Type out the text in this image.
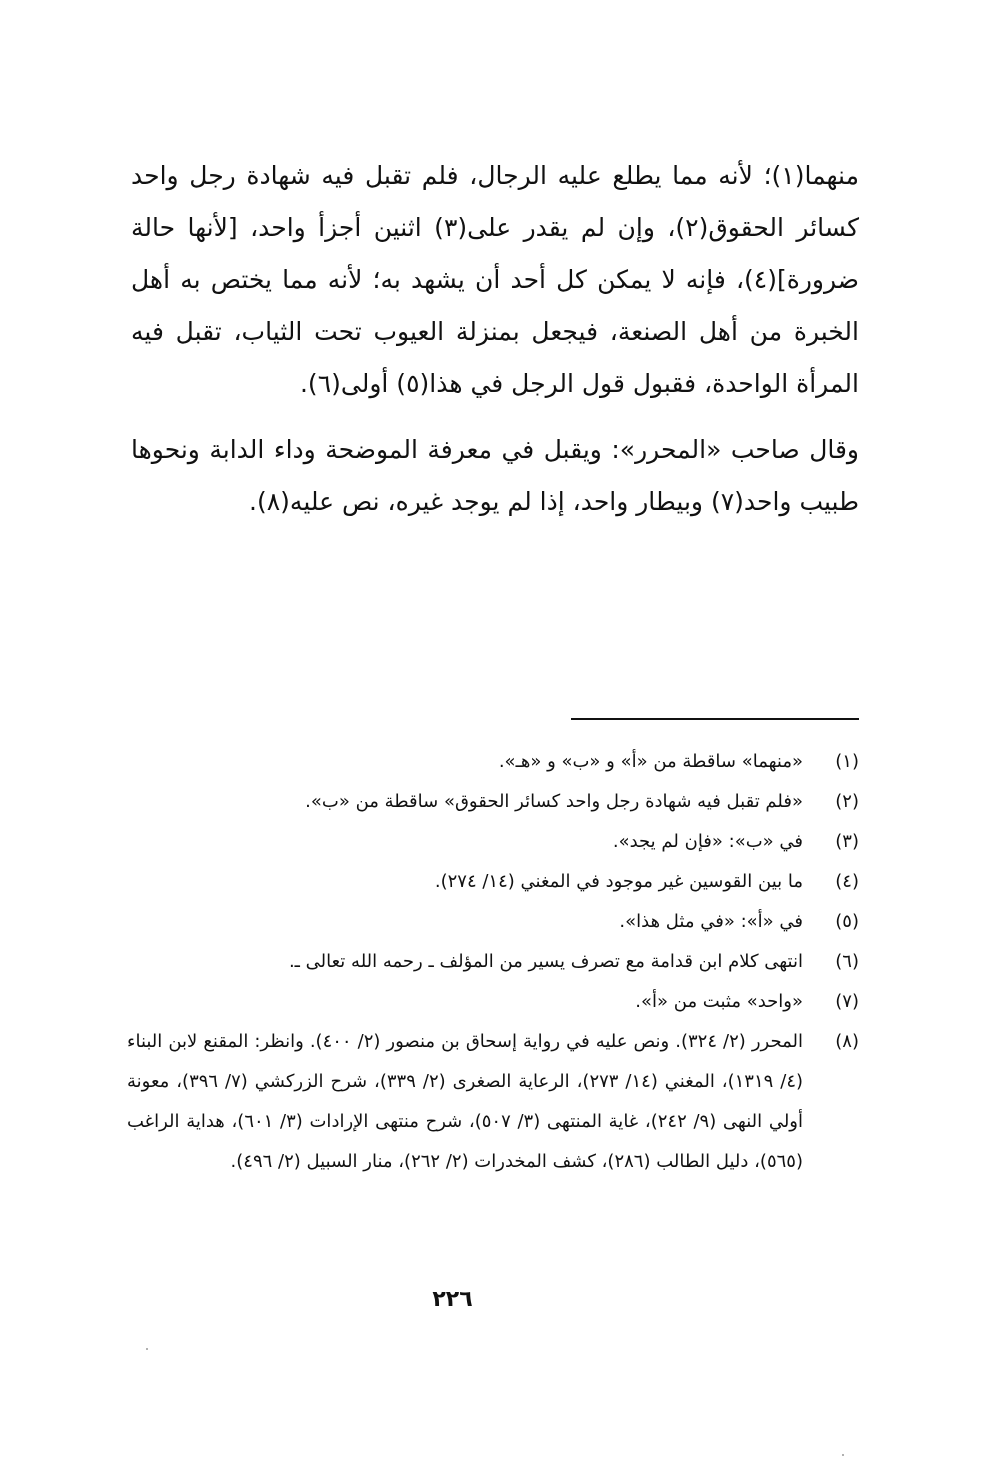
منهما(١)؛ لأنه مما يطلع عليه الرجال، فلم تقبل فيه شهادة رجل واحد كسائر الحقوق(٢)، وإن لم يقدر على(٣) اثنين أجزأ واحد، [لأنها حالة ضرورة](٤)، فإنه لا يمكن كل أحد أن يشهد به؛ لأنه مما يختص به أهل الخبرة من أهل الصنعة، فيجعل بمنزلة العيوب تحت الثياب، تقبل فيه المرأة الواحدة، فقبول قول الرجل في هذا(٥) أولى(٦).

وقال صاحب «المحرر»: ويقبل في معرفة الموضحة وداء الدابة ونحوها طبيب واحد(٧) وبيطار واحد، إذا لم يوجد غيره، نص عليه(٨).

(١)
«منهما» ساقطة من «أ» و «ب» و «هـ».
(٢)
«فلم تقبل فيه شهادة رجل واحد كسائر الحقوق» ساقطة من «ب».
(٣)
في «ب»: «فإن لم يجد».
(٤)
ما بين القوسين غير موجود في المغني (١٤/ ٢٧٤).
(٥)
في «أ»: «في مثل هذا».
(٦)
انتهى كلام ابن قدامة مع تصرف يسير من المؤلف ـ رحمه الله تعالى ـ.
(٧)
«واحد» مثبت من «أ».
(٨)
المحرر (٢/ ٣٢٤). ونص عليه في رواية إسحاق بن منصور (٢/ ٤٠٠). وانظر: المقنع لابن البناء (٤/ ١٣١٩)، المغني (١٤/ ٢٧٣)، الرعاية الصغرى (٢/ ٣٣٩)، شرح الزركشي (٧/ ٣٩٦)، معونة أولي النهى (٩/ ٢٤٢)، غاية المنتهى (٣/ ٥٠٧)، شرح منتهى الإرادات (٣/ ٦٠١)، هداية الراغب (٥٦٥)، دليل الطالب (٢٨٦)، كشف المخدرات (٢/ ٢٦٢)، منار السبيل (٢/ ٤٩٦).
٢٢٦
